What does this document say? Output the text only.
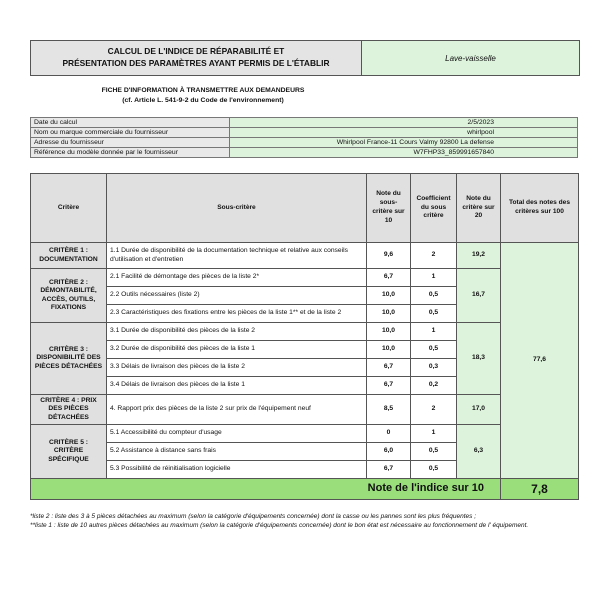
CALCUL DE L'INDICE DE RÉPARABILITÉ ET
PRÉSENTATION DES PARAMÈTRES AYANT PERMIS DE L'ÉTABLIR	Lave-vaisselle
FICHE D'INFORMATION À TRANSMETTRE AUX DEMANDEURS
(cf. Article L. 541-9-2 du Code de l'environnement)
Date du calcul	2/5/2023
Nom ou marque commerciale du fournisseur	whirlpool
Adresse du fournisseur	Whirlpool France-11 Cours Valmy 92800 La defense
Référence du modèle donnée par le fournisseur	W7FHP33_859991657840
Critère	Sous-critère	Note du sous-critère sur 10	Coefficient du sous critère	Note du critère sur 20	Total des notes des critères sur 100
CRITÈRE 1 : DOCUMENTATION	1.1 Durée de disponibilité de la documentation technique et relative aux conseils d'utilisation et d'entretien	9,6	2	19,2	77,6
CRITÈRE 2 : DÉMONTABILITÉ, ACCÈS, OUTILS, FIXATIONS	2.1 Facilité de démontage des pièces de la liste 2*	6,7	1	16,7	
	2.2 Outils nécessaires (liste 2)	10,0	0,5		
	2.3 Caractéristiques des fixations entre les pièces de la liste 1** et de la liste 2	10,0	0,5		
CRITÈRE 3 : DISPONIBILITÉ DES PIÈCES DÉTACHÉES	3.1 Durée de disponibilité des pièces de la liste 2	10,0	1	18,3	
	3.2 Durée de disponibilité des pièces de la liste 1	10,0	0,5		
	3.3 Délais de livraison des pièces de la liste 2	6,7	0,3		
	3.4 Délais de livraison des pièces de la liste 1	6,7	0,2		
CRITÈRE 4 : PRIX DES PIÈCES DÉTACHÉES	4. Rapport prix des pièces de la liste 2 sur prix de l'équipement neuf	8,5	2	17,0	
CRITÈRE 5 : CRITÈRE SPÉCIFIQUE	5.1 Accessibilité du compteur d'usage	0	1	6,3	
	5.2 Assistance à distance sans frais	6,0	0,5		
	5.3 Possibilité de réinitialisation logicielle	6,7	0,5		
Note de l'indice sur 10					7,8
*liste 2 : liste des 3 à 5 pièces détachées au maximum (selon la catégorie d'équipements concernée) dont la casse ou les pannes sont les plus fréquentes ;
**liste 1 : liste de 10 autres pièces détachées au maximum (selon la catégorie d'équipements concernée) dont le bon état est nécessaire au fonctionnement de l' équipement.
